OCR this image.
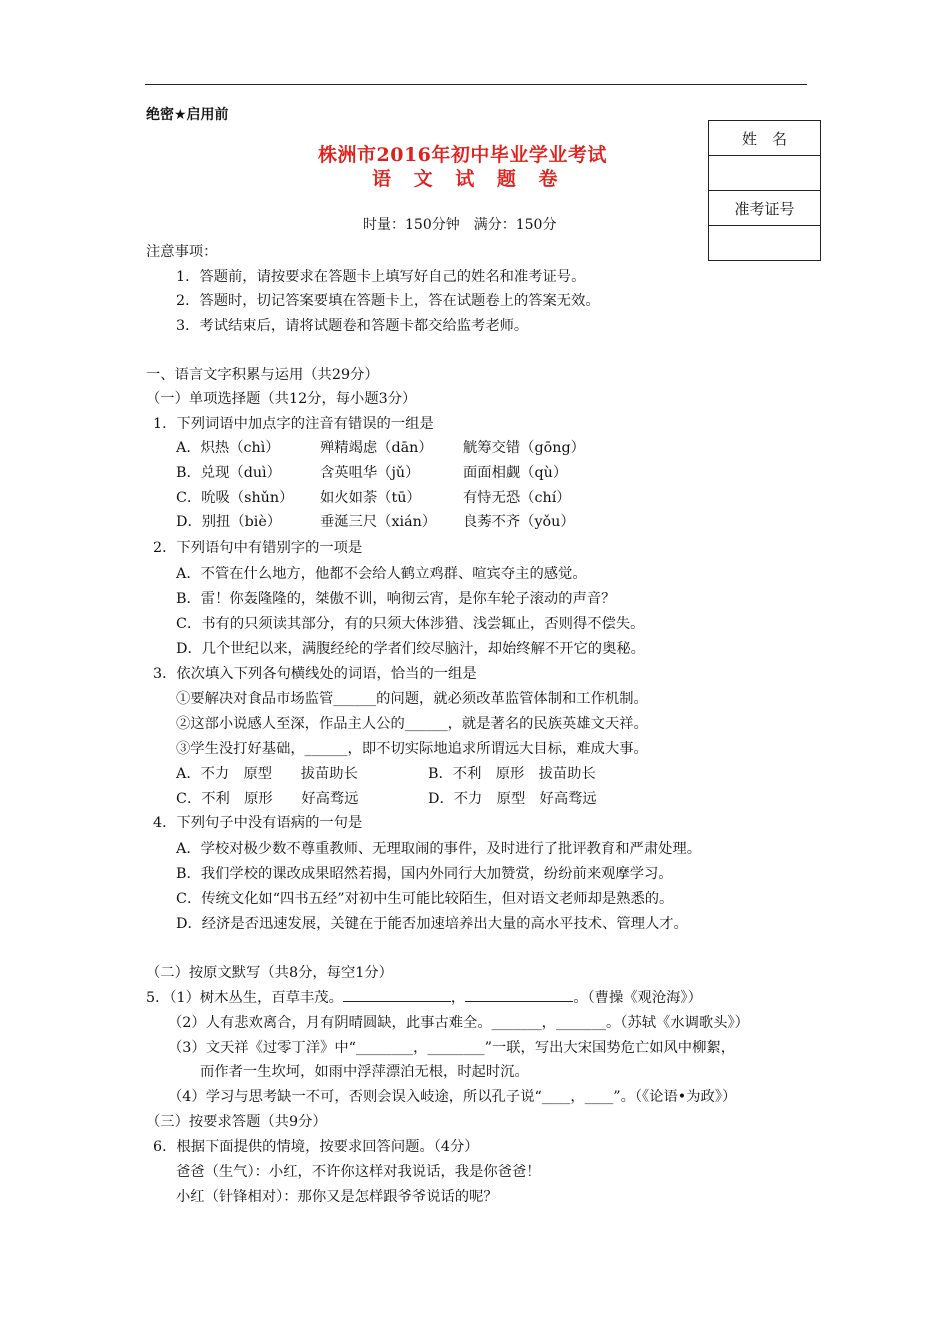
绝密★启用前
株洲市2016年初中毕业学业考试
语 文 试 题 卷
姓　名

准考证号

时量：150分钟　满分：150分
注意事项：
1．答题前，请按要求在答题卡上填写好自己的姓名和准考证号。
2．答题时，切记答案要填在答题卡上，答在试题卷上的答案无效。
3．考试结束后，请将试题卷和答题卡都交给监考老师。
一、语言文字积累与运用（共29分）
（一）单项选择题（共12分，每小题3分）
1．下列词语中加点字的注音有错误的一组是
A．炽热（chì）	殚精竭虑（dān） 觥筹交错（gōng）
B．兑现（duì）	含英咀华（jǔ）	面面相觑（qù）
C．吮吸（shǔn） 如火如荼（tū）	有恃无恐（chí）
D．别扭（biè）	垂涎三尺（xián） 良莠不齐（yǒu）
2．下列语句中有错别字的一项是
A．不管在什么地方，他都不会给人鹤立鸡群、喧宾夺主的感觉。
B．雷！你轰隆隆的，桀傲不训，响彻云宵，是你车轮子滚动的声音？
C．书有的只须读其部分，有的只须大体涉猎、浅尝辄止，否则得不偿失。
D．几个世纪以来，满腹经纶的学者们绞尽脑汁，却始终解不开它的奥秘。
3．依次填入下列各句横线处的词语，恰当的一组是
①要解决对食品市场监管______的问题，就必须改革监管体制和工作机制。
②这部小说感人至深，作品主人公的______，就是著名的民族英雄文天祥。
③学生没打好基础，______，即不切实际地追求所谓远大目标，难成大事。
A．不力　原型　　拔苗助长	B．不利　原形　拔苗助长
C．不利　原形　　好高骛远	D．不力　原型　好高骛远
4．下列句子中没有语病的一句是
A．学校对极少数不尊重教师、无理取闹的事件，及时进行了批评教育和严肃处理。
B．我们学校的课改成果昭然若揭，国内外同行大加赞赏，纷纷前来观摩学习。
C．传统文化如“四书五经”对初中生可能比较陌生，但对语文老师却是熟悉的。
D．经济是否迅速发展，关键在于能否加速培养出大量的高水平技术、管理人才。
（二）按原文默写（共8分，每空1分）
5．（1）树木丛生，百草丰茂。	，	。（曹操《观沧海》）
（2）人有悲欢离合，月有阴晴圆缺，此事古难全。_______，_______。（苏轼《水调歌头》）
（3）文天祥《过零丁洋》中“________，________”一联，写出大宋国势危亡如风中柳絮，
而作者一生坎坷，如雨中浮萍漂泊无根，时起时沉。
（4）学习与思考缺一不可，否则会误入岐途，所以孔子说“____，____”。（《论语•为政》）
（三）按要求答题（共9分）
6．根据下面提供的情境，按要求回答问题。（4分）
爸爸（生气）：小红，不许你这样对我说话，我是你爸爸！
小红（针锋相对）：那你又是怎样跟爷爷说话的呢？
